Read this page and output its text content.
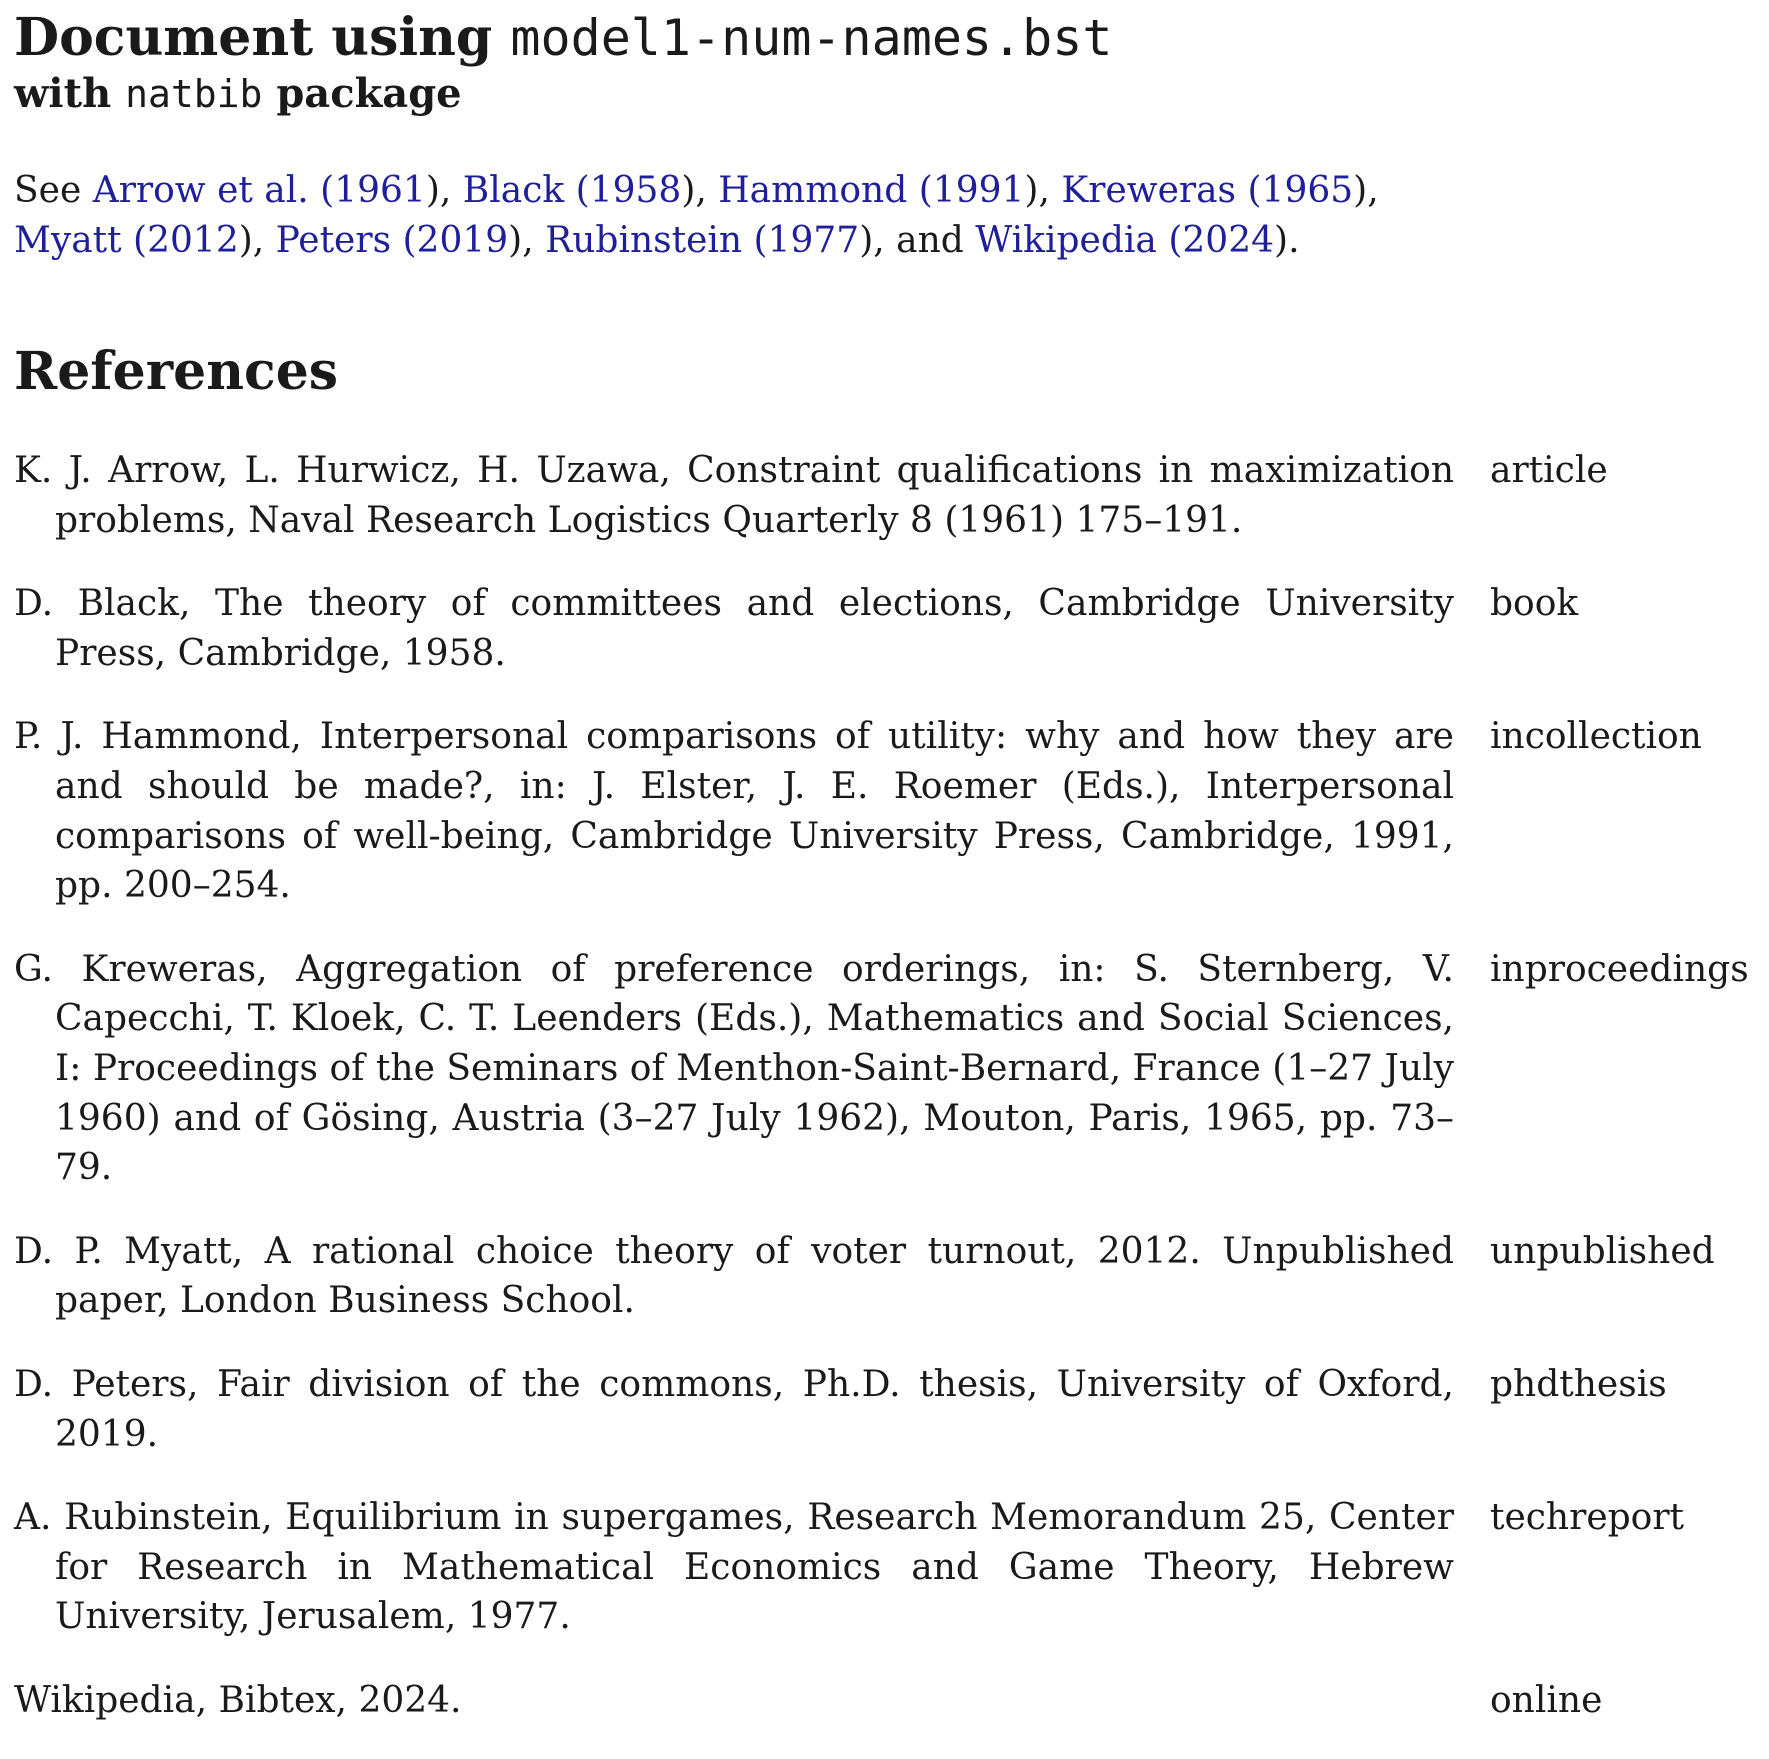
Document using model1-num-names.bst
with natbib package

See Arrow et al. (1961), Black (1958), Hammond (1991), Kreweras (1965), Myatt (2012), Peters (2019), Rubinstein (1977), and Wikipedia (2024).

References
K. J. Arrow, L. Hurwicz, H. Uzawa, Constraint qualifications in maximization problems, Naval Research Logistics Quarterly 8 (1961) 175–191.
article
D. Black, The theory of committees and elections, Cambridge University Press, Cambridge, 1958.
book
P. J. Hammond, Interpersonal comparisons of utility: why and how they are and should be made?, in: J. Elster, J. E. Roemer (Eds.), Interpersonal comparisons of well-being, Cambridge University Press, Cambridge, 1991, pp. 200–254.
incollection
G. Kreweras, Aggregation of preference orderings, in: S. Sternberg, V. Capecchi, T. Kloek, C. T. Leenders (Eds.), Mathematics and Social Sciences, I: Proceedings of the Seminars of Menthon-Saint-Bernard, France (1–27 July 1960) and of Gösing, Austria (3–27 July 1962), Mouton, Paris, 1965, pp. 73–79.
inproceedings
D. P. Myatt, A rational choice theory of voter turnout, 2012. Unpublished paper, London Business School.
unpublished
D. Peters, Fair division of the commons, Ph.D. thesis, University of Oxford, 2019.
phdthesis
A. Rubinstein, Equilibrium in supergames, Research Memorandum 25, Center for Research in Mathematical Economics and Game Theory, Hebrew University, Jerusalem, 1977.
techreport
Wikipedia, Bibtex, 2024.	online
